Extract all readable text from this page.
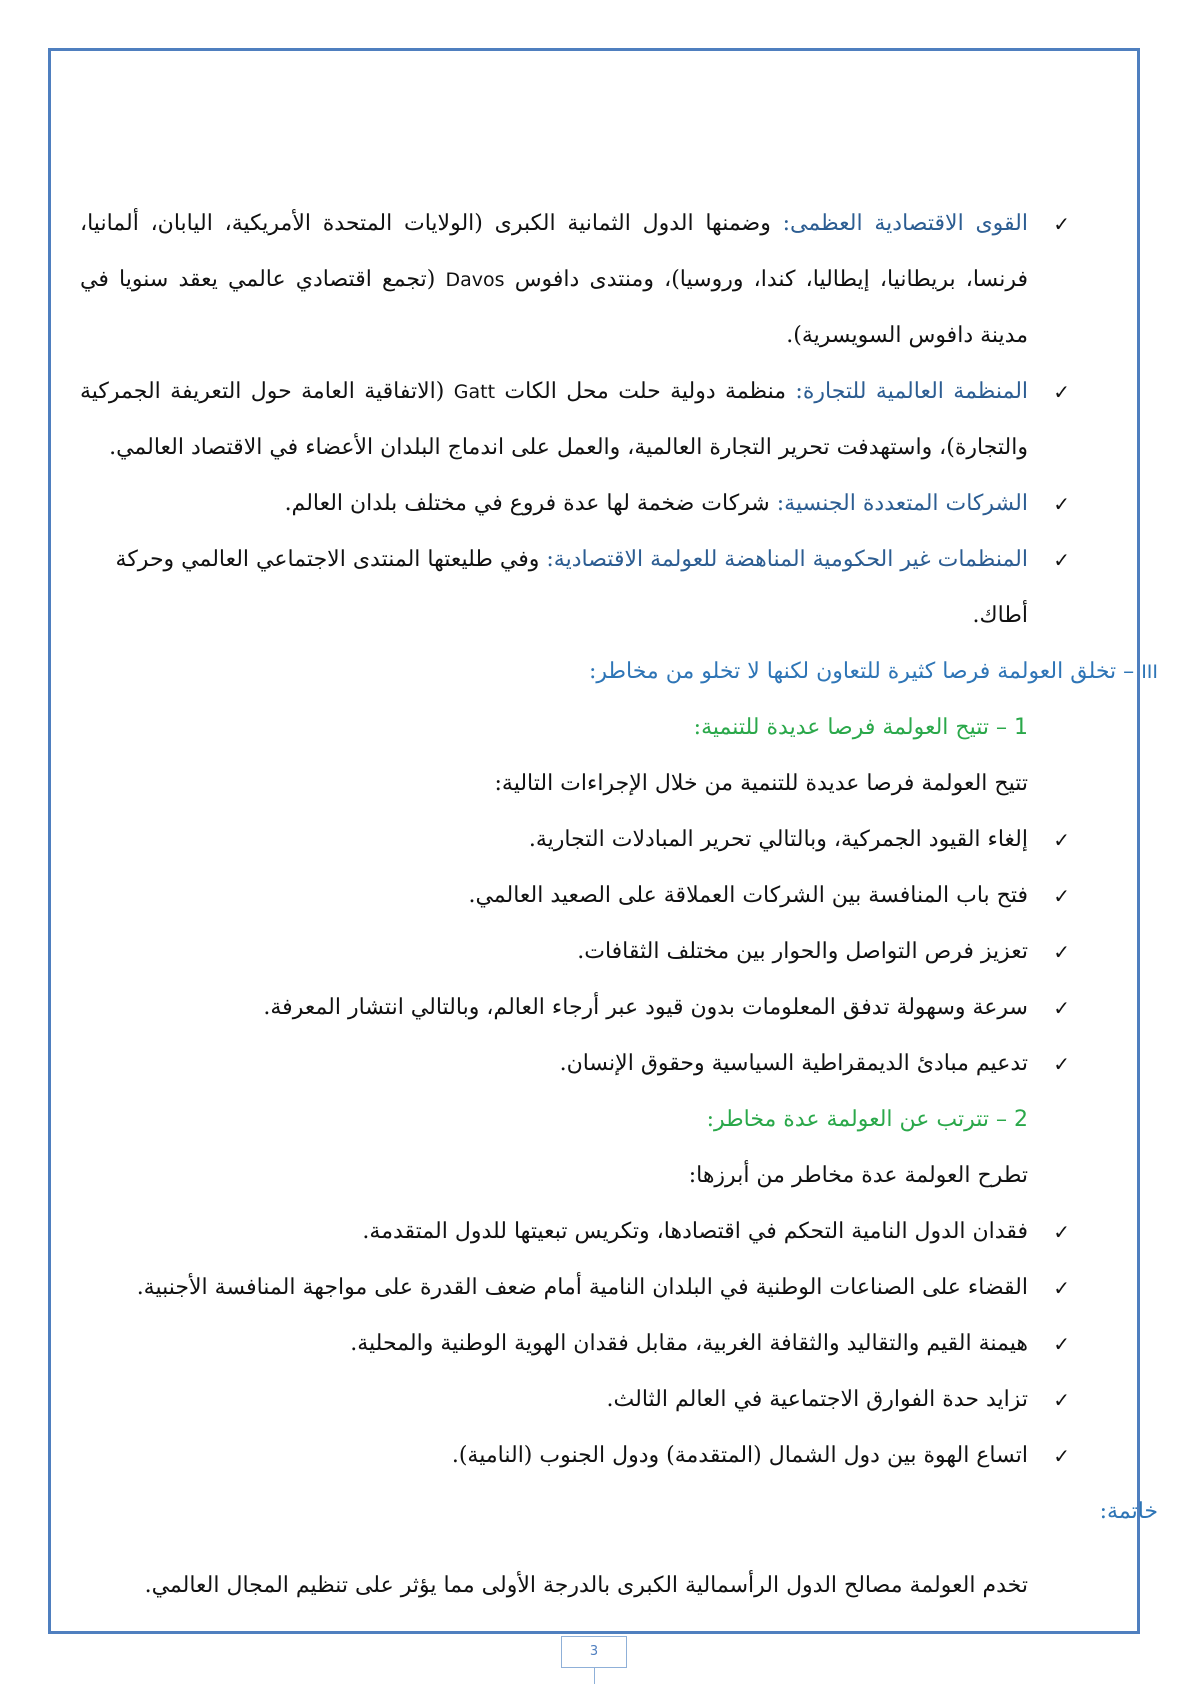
✓
القوى الاقتصادية العظمى: وضمنها الدول الثمانية الكبرى (الولايات المتحدة الأمريكية، اليابان، ألمانيا، فرنسا، بريطانيا، إيطاليا، كندا، وروسيا)، ومنتدى دافوس Davos (تجمع اقتصادي عالمي يعقد سنويا في مدينة دافوس السويسرية).
✓
المنظمة العالمية للتجارة: منظمة دولية حلت محل الكات Gatt (الاتفاقية العامة حول التعريفة الجمركية والتجارة)، واستهدفت تحرير التجارة العالمية، والعمل على اندماج البلدان الأعضاء في الاقتصاد العالمي.
✓
الشركات المتعددة الجنسية: شركات ضخمة لها عدة فروع في مختلف بلدان العالم.
✓
المنظمات غير الحكومية المناهضة للعولمة الاقتصادية: وفي طليعتها المنتدى الاجتماعي العالمي وحركة أطاك.

III – تخلق العولمة فرصا كثيرة للتعاون لكنها لا تخلو من مخاطر:

1 – تتيح العولمة فرصا عديدة للتنمية:

تتيح العولمة فرصا عديدة للتنمية من خلال الإجراءات التالية:

✓
إلغاء القيود الجمركية، وبالتالي تحرير المبادلات التجارية.
✓
فتح باب المنافسة بين الشركات العملاقة على الصعيد العالمي.
✓
تعزيز فرص التواصل والحوار بين مختلف الثقافات.
✓
سرعة وسهولة تدفق المعلومات بدون قيود عبر أرجاء العالم، وبالتالي انتشار المعرفة.
✓
تدعيم مبادئ الديمقراطية السياسية وحقوق الإنسان.

2 – تترتب عن العولمة عدة مخاطر:

تطرح العولمة عدة مخاطر من أبرزها:

✓
فقدان الدول النامية التحكم في اقتصادها، وتكريس تبعيتها للدول المتقدمة.
✓
القضاء على الصناعات الوطنية في البلدان النامية أمام ضعف القدرة على مواجهة المنافسة الأجنبية.
✓
هيمنة القيم والتقاليد والثقافة الغربية، مقابل فقدان الهوية الوطنية والمحلية.
✓
تزايد حدة الفوارق الاجتماعية في العالم الثالث.
✓
اتساع الهوة بين دول الشمال (المتقدمة) ودول الجنوب (النامية).

خاتمة:

تخدم العولمة مصالح الدول الرأسمالية الكبرى بالدرجة الأولى مما يؤثر على تنظيم المجال العالمي.

3
